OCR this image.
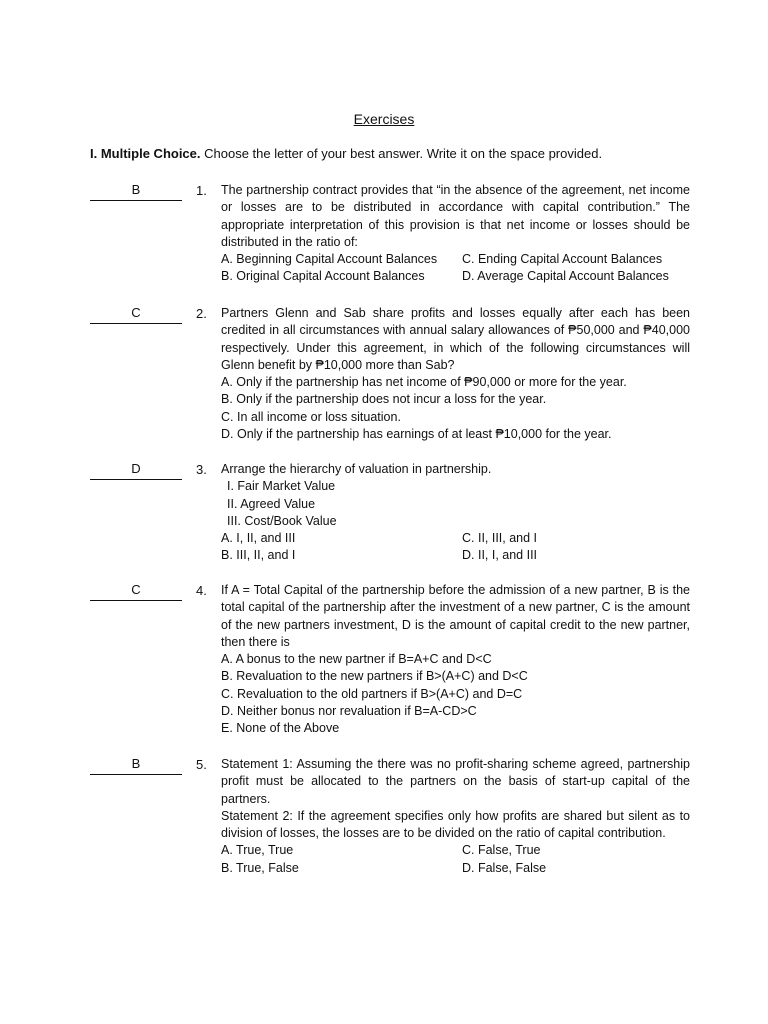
Exercises
I. Multiple Choice. Choose the letter of your best answer. Write it on the space provided.
B	1. The partnership contract provides that “in the absence of the agreement, net income or losses are to be distributed in accordance with capital contribution.” The appropriate interpretation of this provision is that net income or losses should be distributed in the ratio of:
A. Beginning Capital Account Balances	C. Ending Capital Account Balances
B. Original Capital Account Balances	D. Average Capital Account Balances
C	2. Partners Glenn and Sab share profits and losses equally after each has been credited in all circumstances with annual salary allowances of ₱50,000 and ₱40,000 respectively. Under this agreement, in which of the following circumstances will Glenn benefit by ₱10,000 more than Sab?
A. Only if the partnership has net income of ₱90,000 or more for the year.
B. Only if the partnership does not incur a loss for the year.
C. In all income or loss situation.
D. Only if the partnership has earnings of at least ₱10,000 for the year.
D	3. Arrange the hierarchy of valuation in partnership.
I. Fair Market Value
II. Agreed Value
III. Cost/Book Value
A. I, II, and III	C. II, III, and I
B. III, II, and I	D. II, I, and III
C	4. If A = Total Capital of the partnership before the admission of a new partner, B is the total capital of the partnership after the investment of a new partner, C is the amount of the new partners investment, D is the amount of capital credit to the new partner, then there is
A. A bonus to the new partner if B=A+C and D<C
B. Revaluation to the new partners if B>(A+C) and D<C
C. Revaluation to the old partners if B>(A+C) and D=C
D. Neither bonus nor revaluation if B=A-CD>C
E. None of the Above
B	5. Statement 1: Assuming the there was no profit-sharing scheme agreed, partnership profit must be allocated to the partners on the basis of start-up capital of the partners.
Statement 2: If the agreement specifies only how profits are shared but silent as to division of losses, the losses are to be divided on the ratio of capital contribution.
A. True, True	C. False, True
B. True, False	D. False, False
